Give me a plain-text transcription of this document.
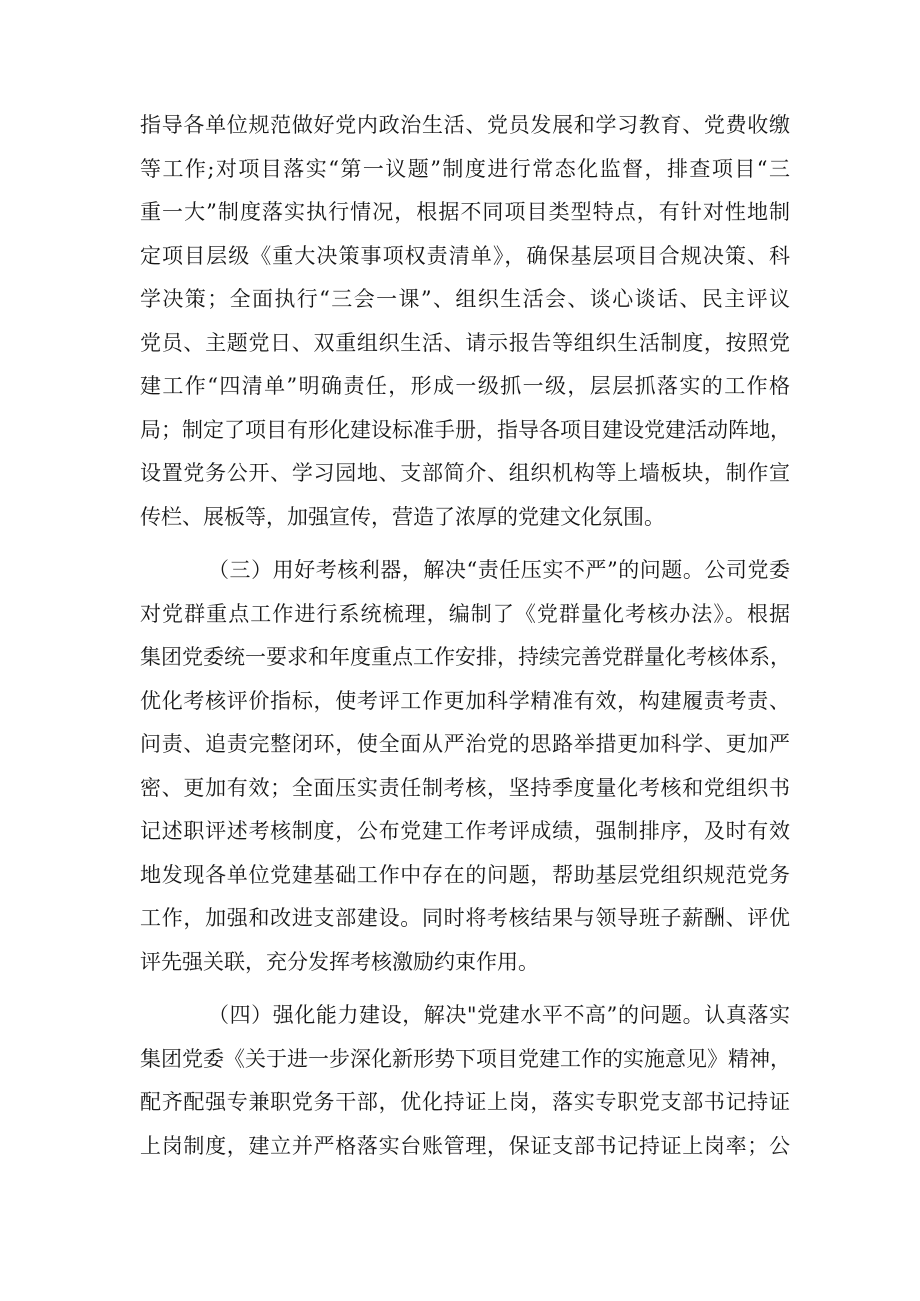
指导各单位规范做好党内政治生活、党员发展和学习教育、党费收缴
等工作;对项目落实“第一议题”制度进行常态化监督，排查项目“三
重一大”制度落实执行情况，根据不同项目类型特点，有针对性地制
定项目层级《重大决策事项权责清单》，确保基层项目合规决策、科
学决策；全面执行“三会一课”、组织生活会、谈心谈话、民主评议
党员、主题党日、双重组织生活、请示报告等组织生活制度，按照党
建工作“四清单”明确责任，形成一级抓一级，层层抓落实的工作格
局；制定了项目有形化建设标准手册，指导各项目建设党建活动阵地，
设置党务公开、学习园地、支部简介、组织机构等上墙板块，制作宣
传栏、展板等，加强宣传，营造了浓厚的党建文化氛围。
（三）用好考核利器，解决“责任压实不严”的问题。公司党委
对党群重点工作进行系统梳理，编制了《党群量化考核办法》。根据
集团党委统一要求和年度重点工作安排，持续完善党群量化考核体系，
优化考核评价指标，使考评工作更加科学精准有效，构建履责考责、
问责、追责完整闭环，使全面从严治党的思路举措更加科学、更加严
密、更加有效；全面压实责任制考核，坚持季度量化考核和党组织书
记述职评述考核制度，公布党建工作考评成绩，强制排序，及时有效
地发现各单位党建基础工作中存在的问题，帮助基层党组织规范党务
工作，加强和改进支部建设。同时将考核结果与领导班子薪酬、评优
评先强关联，充分发挥考核激励约束作用。
（四）强化能力建设，解决"党建水平不高”的问题。认真落实
集团党委《关于进一步深化新形势下项目党建工作的实施意见》精神，
配齐配强专兼职党务干部，优化持证上岗，落实专职党支部书记持证
上岗制度，建立并严格落实台账管理，保证支部书记持证上岗率；公
